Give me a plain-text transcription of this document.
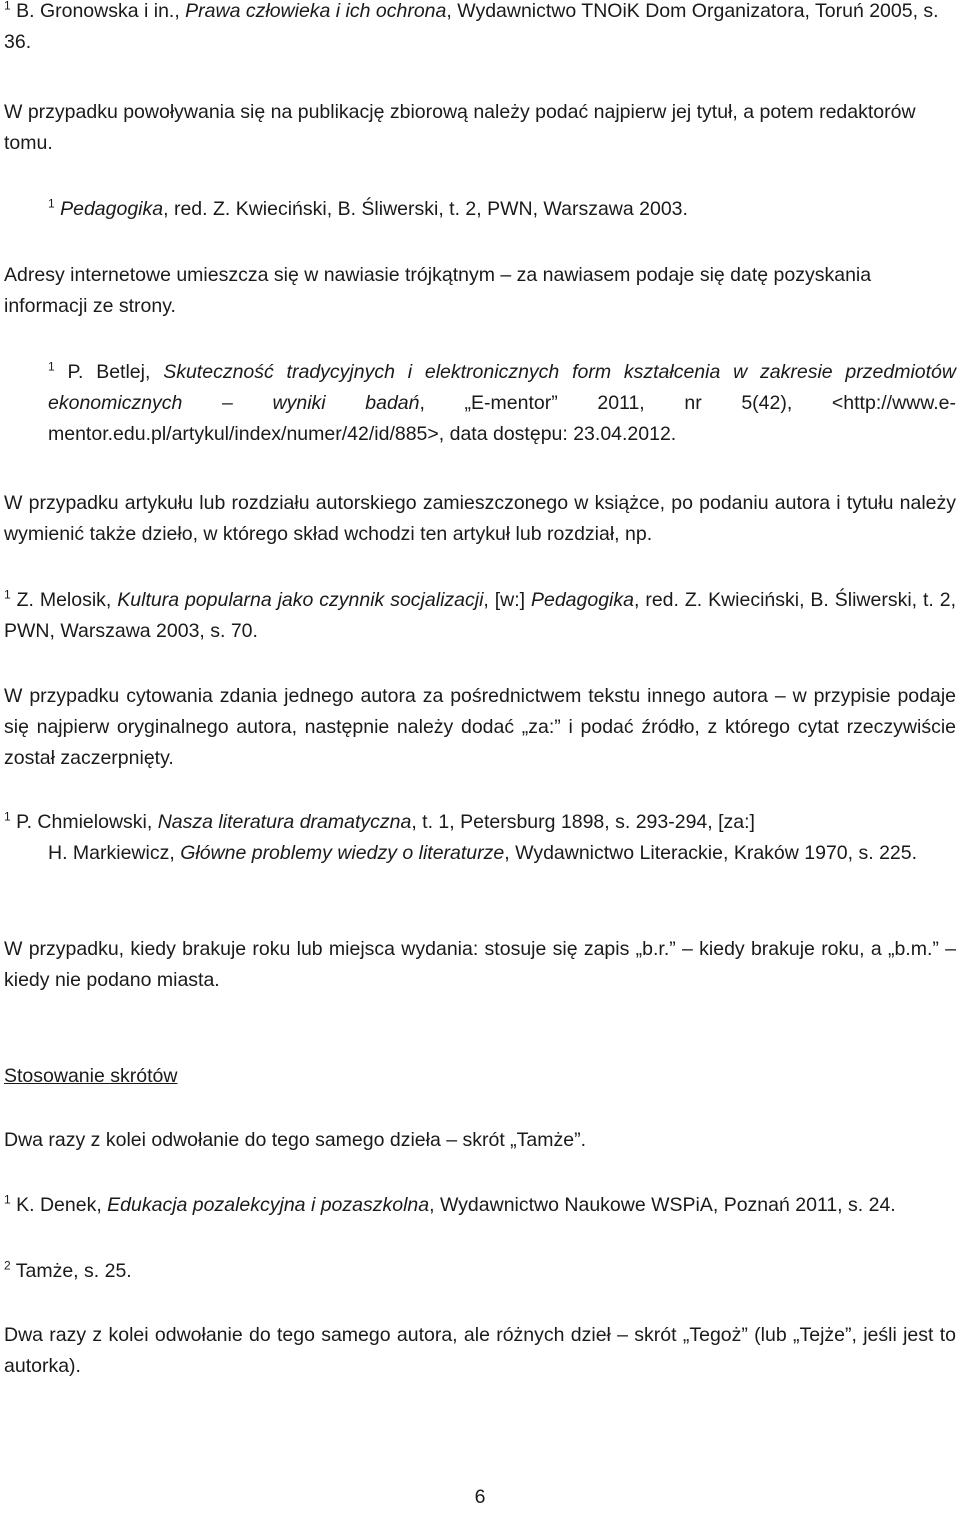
$^1$ B. Gronowska i in., Prawa człowieka i ich ochrona, Wydawnictwo TNOiK Dom Organizatora, Toruń 2005, s. 36.
W przypadku powoływania się na publikację zbiorową należy podać najpierw jej tytuł, a potem redaktorów tomu.
$^1$ Pedagogika, red. Z. Kwieciński, B. Śliwerski, t. 2, PWN, Warszawa 2003.
Adresy internetowe umieszcza się w nawiasie trójkątnym – za nawiasem podaje się datę pozyskania informacji ze strony.
$^1$ P. Betlej, Skuteczność tradycyjnych i elektronicznych form kształcenia w zakresie przedmiotów ekonomicznych – wyniki badań, „E-mentor” 2011, nr 5(42), <http://www.e-mentor.edu.pl/artykul/index/numer/42/id/885>, data dostępu: 23.04.2012.
W przypadku artykułu lub rozdziału autorskiego zamieszczonego w książce, po podaniu autora i tytułu należy wymienić także dzieło, w którego skład wchodzi ten artykuł lub rozdział, np.
$^1$ Z. Melosik, Kultura popularna jako czynnik socjalizacji, [w:] Pedagogika, red. Z. Kwieciński, B. Śliwerski, t. 2, PWN, Warszawa 2003, s. 70.
W przypadku cytowania zdania jednego autora za pośrednictwem tekstu innego autora – w przypisie podaje się najpierw oryginalnego autora, następnie należy dodać „za:” i podać źródło, z którego cytat rzeczywiście został zaczerpnięty.
$^1$ P. Chmielowski, Nasza literatura dramatyczna, t. 1, Petersburg 1898, s. 293-294, [za:]
H. Markiewicz, Główne problemy wiedzy o literaturze, Wydawnictwo Literackie, Kraków 1970, s. 225.
W przypadku, kiedy brakuje roku lub miejsca wydania: stosuje się zapis „b.r.” – kiedy brakuje roku, a „b.m.” – kiedy nie podano miasta.
Stosowanie skrótów
Dwa razy z kolei odwołanie do tego samego dzieła – skrót „Tamże”.
$^1$ K. Denek, Edukacja pozalekcyjna i pozaszkolna, Wydawnictwo Naukowe WSPiA, Poznań 2011, s. 24.
$^2$ Tamże, s. 25.
Dwa razy z kolei odwołanie do tego samego autora, ale różnych dzieł – skrót „Tegoż” (lub „Tejże”, jeśli jest to autorka).
6
